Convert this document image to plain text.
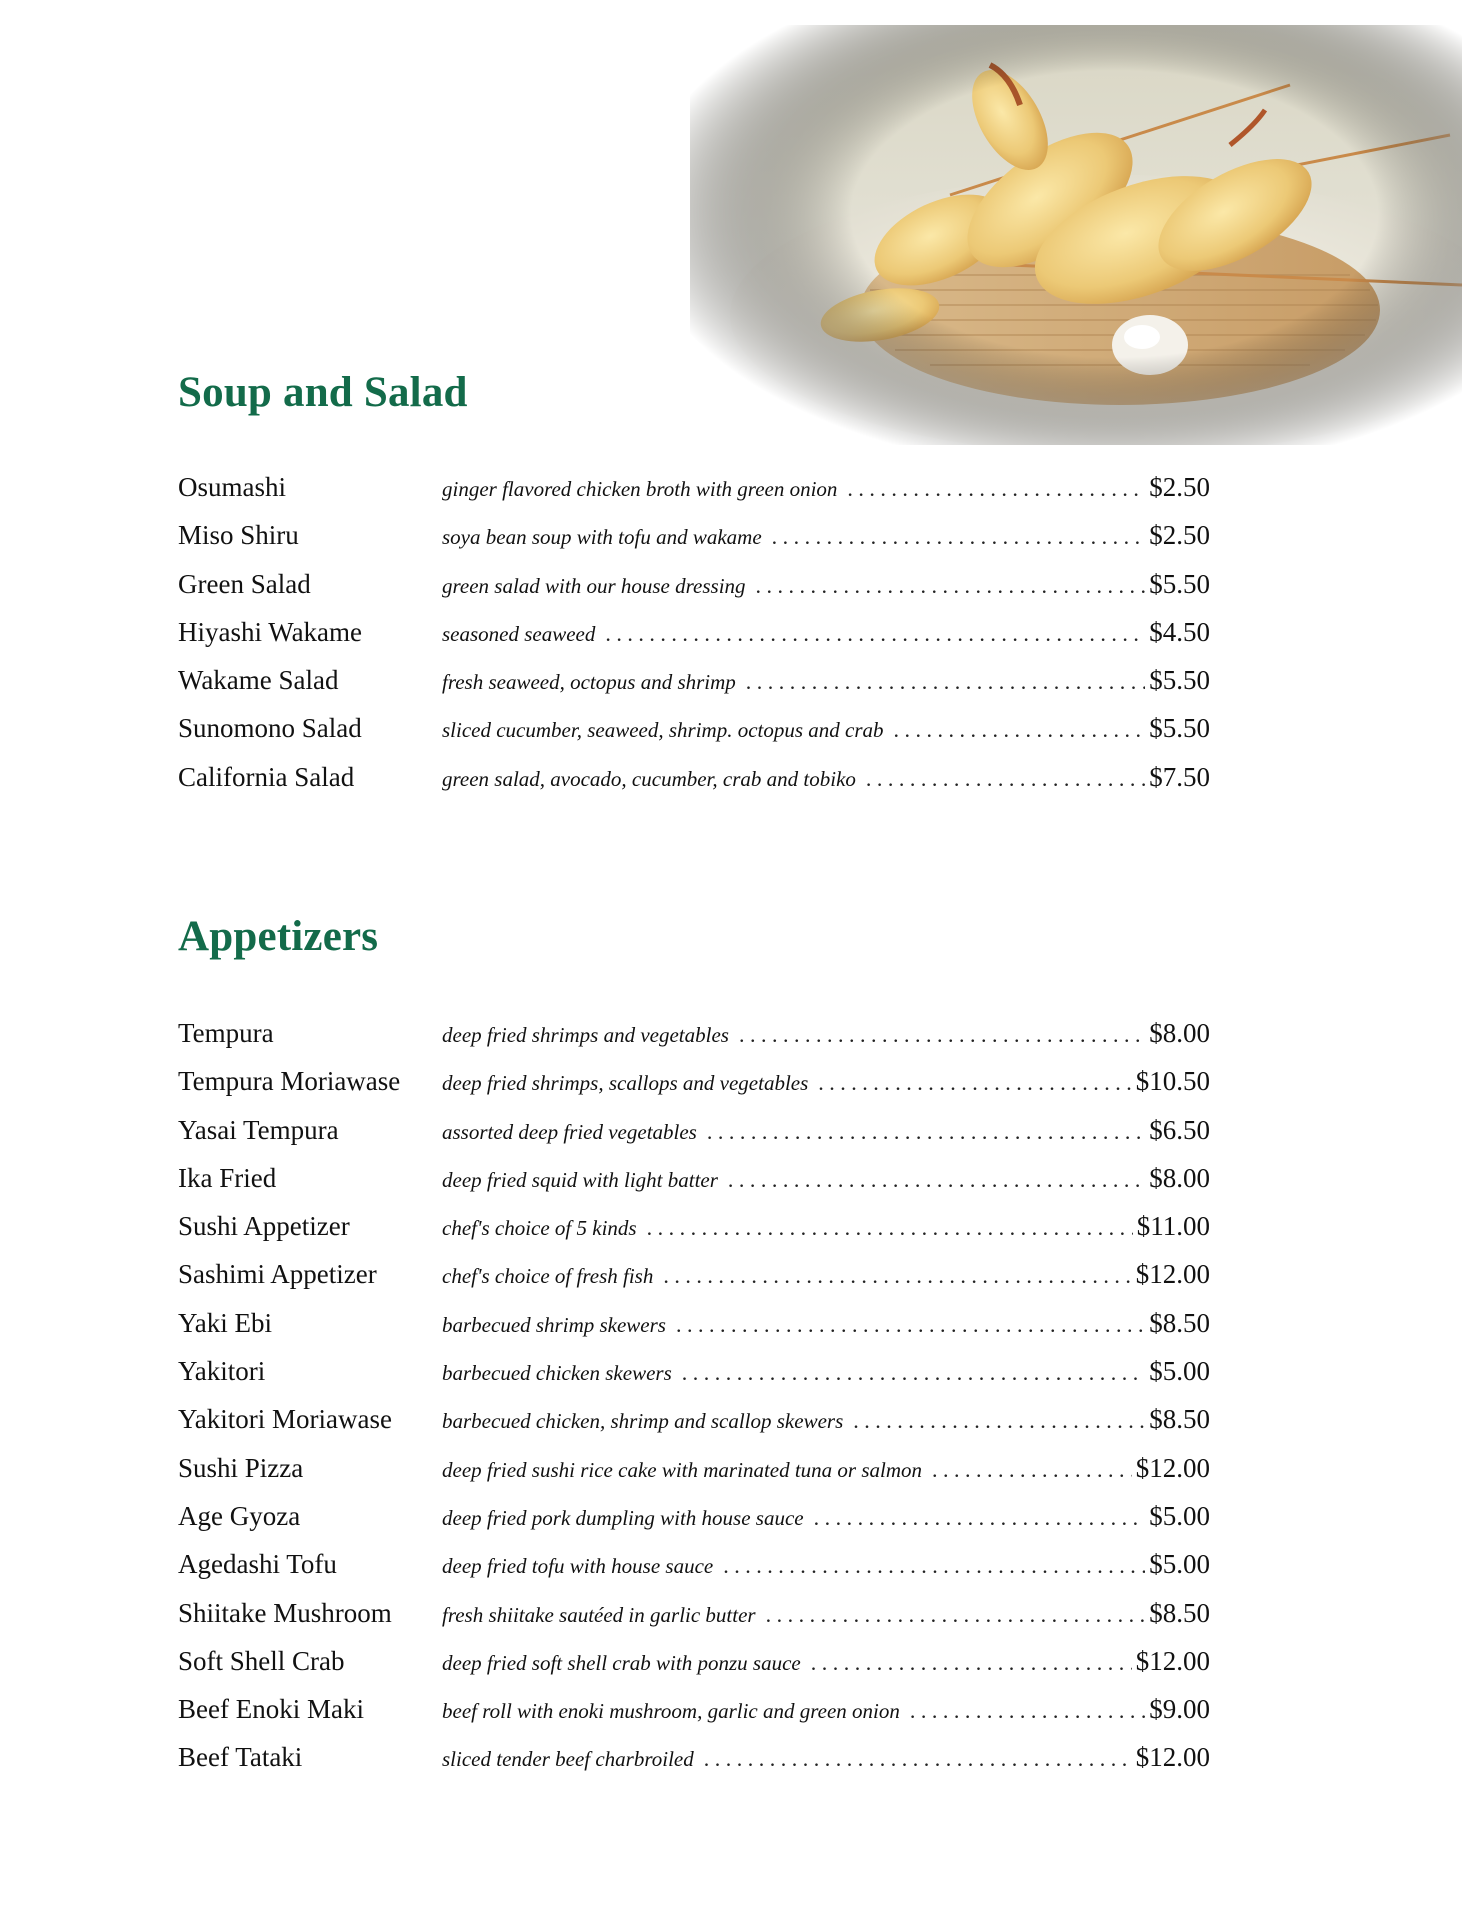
Soup and Salad
Osumashi	ginger flavored chicken broth with green onion . . .	$2.50
Miso Shiru	soya bean soup with tofu and wakame . . .	$2.50
Green Salad	green salad with our house dressing . . .	$5.50
Hiyashi Wakame	seasoned seaweed . . .	$4.50
Wakame Salad	fresh seaweed, octopus and shrimp . . .	$5.50
Sunomono Salad	sliced cucumber, seaweed, shrimp. octopus and crab . . .	$5.50
California Salad	green salad, avocado, cucumber, crab and tobiko . . .	$7.50
Appetizers
Tempura	deep fried shrimps and vegetables . . .	$8.00
Tempura Moriawase	deep fried shrimps, scallops and vegetables . . .	$10.50
Yasai Tempura	assorted deep fried vegetables . . .	$6.50
Ika Fried	deep fried squid with light batter . . .	$8.00
Sushi Appetizer	chef's choice of 5 kinds . . .	$11.00
Sashimi Appetizer	chef's choice of fresh fish . . .	$12.00
Yaki Ebi	barbecued shrimp skewers . . .	$8.50
Yakitori	barbecued chicken skewers . . .	$5.00
Yakitori Moriawase	barbecued chicken, shrimp and scallop skewers . . .	$8.50
Sushi Pizza	deep fried sushi rice cake with marinated tuna or salmon . . .	$12.00
Age Gyoza	deep fried pork dumpling with house sauce . . .	$5.00
Agedashi Tofu	deep fried tofu with house sauce . . .	$5.00
Shiitake Mushroom	fresh shiitake sautéed in garlic butter . . .	$8.50
Soft Shell Crab	deep fried soft shell crab with ponzu sauce . . .	$12.00
Beef Enoki Maki	beef roll with enoki mushroom, garlic and green onion . . .	$9.00
Beef Tataki	sliced tender beef charbroiled . . .	$12.00
